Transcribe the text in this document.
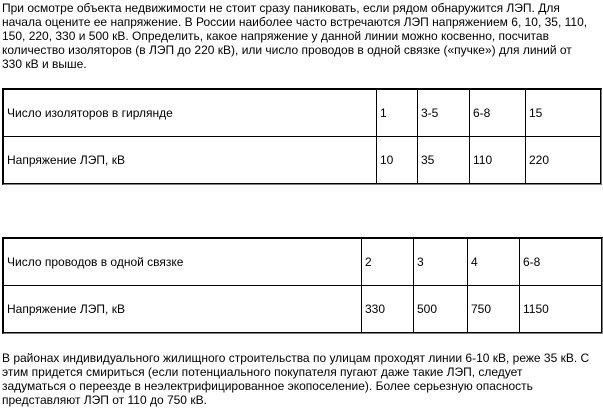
При осмотре объекта недвижимости не стоит сразу паниковать, если рядом обнаружится ЛЭП. Для
начала оцените ее напряжение. В России наиболее часто встречаются ЛЭП напряжением 6, 10, 35, 110,
150, 220, 330 и 500 кВ. Определить, какое напряжение у данной линии можно косвенно, посчитав
количество изоляторов (в ЛЭП до 220 кВ), или число проводов в одной связке («пучке») для линий от
330 кВ и выше.

Число изоляторов в гирлянде	1	3-5	6-8	15
Напряжение ЛЭП, кВ	10	35	110	220
Число проводов в одной связке	2	3	4	6-8
Напряжение ЛЭП, кВ	330	500	750	1150

В районах индивидуального жилищного строительства по улицам проходят линии 6-10 кВ, реже 35 кВ. С
этим придется смириться (если потенциального покупателя пугают даже такие ЛЭП, следует
задуматься о переезде в неэлектрифицированное экопоселение). Более серьезную опасность
представляют ЛЭП от 110 до 750 кВ.
